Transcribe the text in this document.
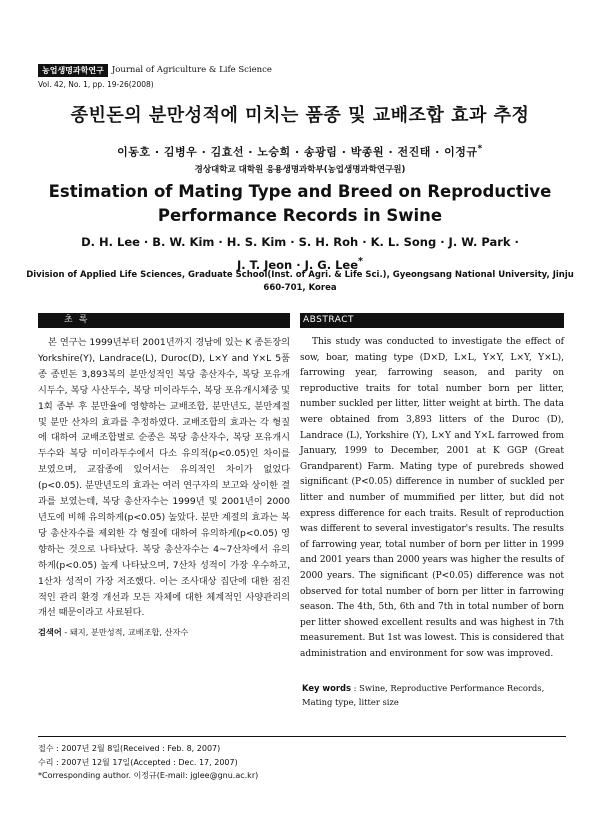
농업생명과학연구 Journal of Agriculture & Life Science
Vol. 42, No. 1, pp. 19-26(2008)
종빈돈의 분만성적에 미치는 품종 및 교배조합 효과 추정
이동호 · 김병우 · 김효선 · 노승희 · 송광림 · 박종원 · 전진태 · 이정규*
경상대학교 대학원 응용생명과학부(농업생명과학연구원)
Estimation of Mating Type and Breed on Reproductive Performance Records in Swine
D. H. Lee · B. W. Kim · H. S. Kim · S. H. Roh · K. L. Song · J. W. Park ·
J. T. Jeon · J. G. Lee*
Division of Applied Life Sciences, Graduate School(Inst. of Agri. & Life Sci.), Gyeongsang National University, Jinju 660-701, Korea
초록	ABSTRACT

본 연구는 1999년부터 2001년까지 경남에 있는 K 종돈장의 Yorkshire(Y), Landrace(L), Duroc(D), L×Y and Y×L 5품종 종빈돈 3,893복의 분만성적인 복당 총산자수, 복당 포유개시두수, 복당 사산두수, 복당 미이라두수, 복당 포유개시체중 및 1회 종부 후 분만율에 영향하는 교배조합, 분만년도, 분만계절 및 분만 산차의 효과를 추정하였다. 교배조합의 효과는 각 형질에 대하여 교배조합별로 순종은 복당 총산자수, 복당 포유개시두수와 복당 미이라두수에서 다소 유의적(p<0.05)인 차이를 보였으며, 교잡종에 있어서는 유의적인 차이가 없었다(p<0.05). 분만년도의 효과는 여러 연구자의 보고와 상이한 결과를 보였는데, 복당 총산자수는 1999년 및 2001년이 2000년도에 비해 유의하게(p<0.05) 높았다. 분만 계절의 효과는 복당 총산자수를 제외한 각 형질에 대하여 유의하게(p<0.05) 영향하는 것으로 나타났다. 복당 총산자수는 4~7산차에서 유의하게(p<0.05) 높게 나타났으며, 7산차 성적이 가장 우수하고, 1산차 성적이 가장 저조했다. 이는 조사대상 집단에 대한 점진적인 관리 환경 개선과 모든 자체에 대한 체계적인 사양관리의 개선 때문이라고 사료된다.

검색어 - 돼지, 분만성적, 교배조합, 산자수

This study was conducted to investigate the effect of sow, boar, mating type (D×D, L×L, Y×Y, L×Y, Y×L), farrowing year, farrowing season, and parity on reproductive traits for total number born per litter, number suckled per litter, litter weight at birth. The data were obtained from 3,893 litters of the Duroc (D), Landrace (L), Yorkshire (Y), L×Y and Y×L farrowed from January, 1999 to December, 2001 at K GGP (Great Grandparent) Farm. Mating type of purebreds showed significant (P<0.05) difference in number of suckled per litter and number of mummified per litter, but did not express difference for each traits. Result of reproduction was different to several investigator's results. The results of farrowing year, total number of born per litter in 1999 and 2001 years than 2000 years was higher the results of 2000 years. The significant (P<0.05) difference was not observed for total number of born per litter in farrowing season. The 4th, 5th, 6th and 7th in total number of born per litter showed excellent results and was highest in 7th measurement. But 1st was lowest. This is considered that administration and environment for sow was improved.

Key words : Swine, Reproductive Performance Records, Mating type, litter size
접수 : 2007년 2월 8일(Received : Feb. 8, 2007)
수리 : 2007년 12월 17일(Accepted : Dec. 17, 2007)
*Corresponding author. 이정규(E-mail: jglee@gnu.ac.kr)
